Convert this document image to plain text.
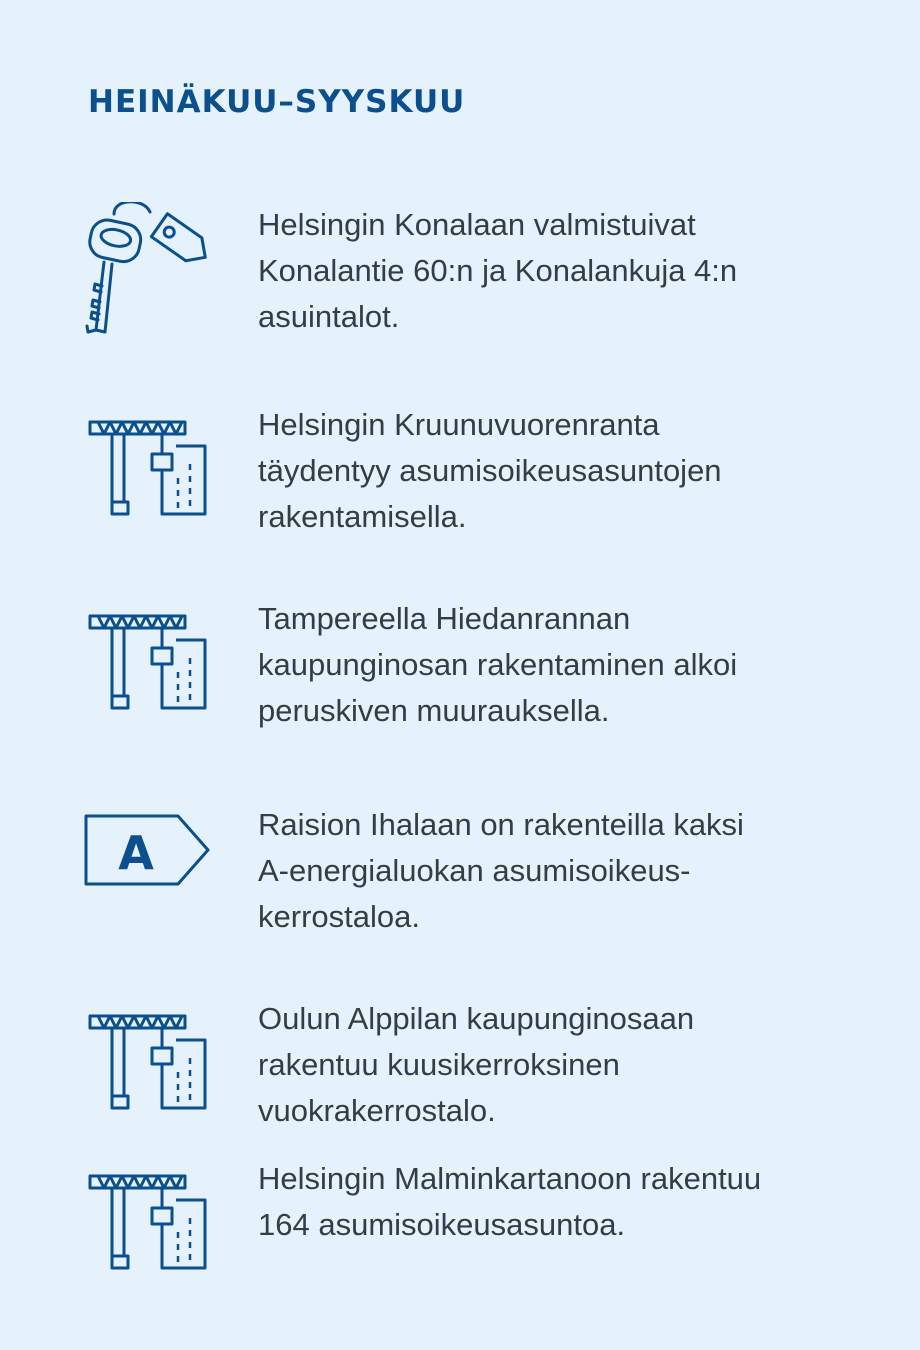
HEINÄKUU–SYYSKUU

Helsingin Konalaan valmistuivat
Konalantie 60:n ja Konalankuja 4:n
asuintalot.

Helsingin Kruunuvuorenranta
täydentyy asumisoikeusasuntojen
rakentamisella.

Tampereella Hiedanrannan
kaupunginosan rakentaminen alkoi
peruskiven muurauksella.

A

Raision Ihalaan on rakenteilla kaksi
A-energialuokan asumisoikeus-
kerrostaloa.

Oulun Alppilan kaupunginosaan
rakentuu kuusikerroksinen
vuokrakerrostalo.

Helsingin Malminkartanoon rakentuu
164 asumisoikeusasuntoa.
